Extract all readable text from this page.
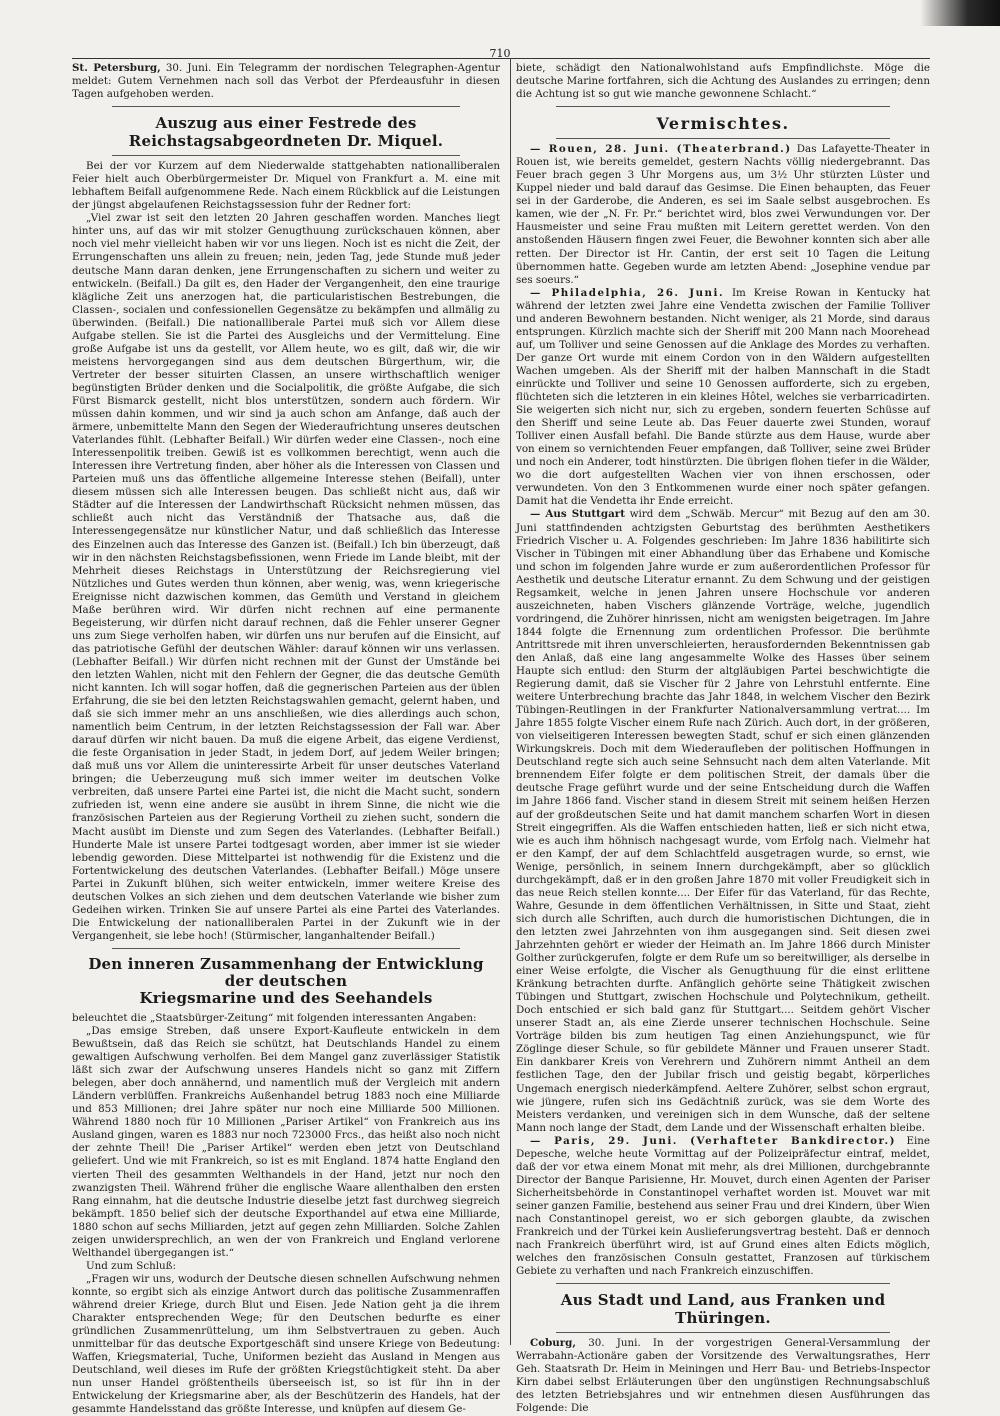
710

St. Petersburg, 30. Juni. Ein Telegramm der nordischen Telegraphen-Agentur meldet: Gutem Vernehmen nach soll das Verbot der Pferdeausfuhr in diesen Tagen aufgehoben werden.

Auszug aus einer Festrede des Reichstagsabgeordneten Dr. Miquel.

Bei der vor Kurzem auf dem Niederwalde stattgehabten nationalliberalen Feier hielt auch Oberbürgermeister Dr. Miquel von Frankfurt a. M. eine mit lebhaftem Beifall aufgenommene Rede. Nach einem Rückblick auf die Leistungen der jüngst abgelaufenen Reichstagssession fuhr der Redner fort:

„Viel zwar ist seit den letzten 20 Jahren geschaffen worden. Manches liegt hinter uns, auf das wir mit stolzer Genugthuung zurückschauen können, aber noch viel mehr vielleicht haben wir vor uns liegen. Noch ist es nicht die Zeit, der Errungenschaften uns allein zu freuen; nein, jeden Tag, jede Stunde muß jeder deutsche Mann daran denken, jene Errungenschaften zu sichern und weiter zu entwickeln. (Beifall.) Da gilt es, den Hader der Vergangenheit, den eine traurige klägliche Zeit uns anerzogen hat, die particularistischen Bestrebungen, die Classen-, socialen und confessionellen Gegensätze zu bekämpfen und allmälig zu überwinden. (Beifall.) Die nationalliberale Partei muß sich vor Allem diese Aufgabe stellen. Sie ist die Partei des Ausgleichs und der Vermittelung. Eine große Aufgabe ist uns da gestellt, vor Allem heute, wo es gilt, daß wir, die wir meistens hervorgegangen sind aus dem deutschen Bürgerthum, wir, die Vertreter der besser situirten Classen, an unsere wirthschaftlich weniger begünstigten Brüder denken und die Socialpolitik, die größte Aufgabe, die sich Fürst Bismarck gestellt, nicht blos unterstützen, sondern auch fördern. Wir müssen dahin kommen, und wir sind ja auch schon am Anfange, daß auch der ärmere, unbemittelte Mann den Segen der Wiederaufrichtung unseres deutschen Vaterlandes fühlt. (Lebhafter Beifall.) Wir dürfen weder eine Classen-, noch eine Interessenpolitik treiben. Gewiß ist es vollkommen berechtigt, wenn auch die Interessen ihre Vertretung finden, aber höher als die Interessen von Classen und Parteien muß uns das öffentliche allgemeine Interesse stehen (Beifall), unter diesem müssen sich alle Interessen beugen. Das schließt nicht aus, daß wir Städter auf die Interessen der Landwirthschaft Rücksicht nehmen müssen, das schließt auch nicht das Verständniß der Thatsache aus, daß die Interessengegensätze nur künstlicher Natur, und daß schließlich das Interesse des Einzelnen auch das Interesse des Ganzen ist. (Beifall.) Ich bin überzeugt, daß wir in den nächsten Reichstagsbefissionen, wenn Friede im Lande bleibt, mit der Mehrheit dieses Reichstags in Unterstützung der Reichsregierung viel Nützliches und Gutes werden thun können, aber wenig, was, wenn kriegerische Ereignisse nicht dazwischen kommen, das Gemüth und Verstand in gleichem Maße berühren wird. Wir dürfen nicht rechnen auf eine permanente Begeisterung, wir dürfen nicht darauf rechnen, daß die Fehler unserer Gegner uns zum Siege verholfen haben, wir dürfen uns nur berufen auf die Einsicht, auf das patriotische Gefühl der deutschen Wähler: darauf können wir uns verlassen. (Lebhafter Beifall.) Wir dürfen nicht rechnen mit der Gunst der Umstände bei den letzten Wahlen, nicht mit den Fehlern der Gegner, die das deutsche Gemüth nicht kannten. Ich will sogar hoffen, daß die gegnerischen Parteien aus der üblen Erfahrung, die sie bei den letzten Reichstagswahlen gemacht, gelernt haben, und daß sie sich immer mehr an uns anschließen, wie dies allerdings auch schon, namentlich beim Centrum, in der letzten Reichstagssession der Fall war. Aber darauf dürfen wir nicht bauen. Da muß die eigene Arbeit, das eigene Verdienst, die feste Organisation in jeder Stadt, in jedem Dorf, auf jedem Weiler bringen; daß muß uns vor Allem die uninteressirte Arbeit für unser deutsches Vaterland bringen; die Ueberzeugung muß sich immer weiter im deutschen Volke verbreiten, daß unsere Partei eine Partei ist, die nicht die Macht sucht, sondern zufrieden ist, wenn eine andere sie ausübt in ihrem Sinne, die nicht wie die französischen Parteien aus der Regierung Vortheil zu ziehen sucht, sondern die Macht ausübt im Dienste und zum Segen des Vaterlandes. (Lebhafter Beifall.) Hunderte Male ist unsere Partei todtgesagt worden, aber immer ist sie wieder lebendig geworden. Diese Mittelpartei ist nothwendig für die Existenz und die Fortentwickelung des deutschen Vaterlandes. (Lebhafter Beifall.) Möge unsere Partei in Zukunft blühen, sich weiter entwickeln, immer weitere Kreise des deutschen Volkes an sich ziehen und dem deutschen Vaterlande wie bisher zum Gedeihen wirken. Trinken Sie auf unsere Partei als eine Partei des Vaterlandes. Die Entwickelung der nationalliberalen Partei in der Zukunft wie in der Vergangenheit, sie lebe hoch! (Stürmischer, langanhaltender Beifall.)

Den inneren Zusammenhang der Entwicklung der deutschen
Kriegsmarine und des Seehandels

beleuchtet die „Staatsbürger-Zeitung“ mit folgenden interessanten Angaben:

„Das emsige Streben, daß unsere Export-Kaufleute entwickeln in dem Bewußtsein, daß das Reich sie schützt, hat Deutschlands Handel zu einem gewaltigen Aufschwung verholfen. Bei dem Mangel ganz zuverlässiger Statistik läßt sich zwar der Aufschwung unseres Handels nicht so ganz mit Ziffern belegen, aber doch annähernd, und namentlich muß der Vergleich mit andern Ländern verblüffen. Frankreichs Außenhandel betrug 1883 noch eine Milliarde und 853 Millionen; drei Jahre später nur noch eine Milliarde 500 Millionen. Während 1880 noch für 10 Millionen „Pariser Artikel“ von Frankreich aus ins Ausland gingen, waren es 1883 nur noch 723000 Frcs., das heißt also noch nicht der zehnte Theil! Die „Pariser Artikel“ werden eben jetzt von Deutschland geliefert. Und wie mit Frankreich, so ist es mit England. 1874 hatte England den vierten Theil des gesammten Welthandels in der Hand, jetzt nur noch den zwanzigsten Theil. Während früher die englische Waare allenthalben den ersten Rang einnahm, hat die deutsche Industrie dieselbe jetzt fast durchweg siegreich bekämpft. 1850 belief sich der deutsche Exporthandel auf etwa eine Milliarde, 1880 schon auf sechs Milliarden, jetzt auf gegen zehn Milliarden. Solche Zahlen zeigen unwidersprechlich, an wen der von Frankreich und England verlorene Welthandel übergegangen ist.“

Und zum Schluß:

„Fragen wir uns, wodurch der Deutsche diesen schnellen Aufschwung nehmen konnte, so ergibt sich als einzige Antwort durch das politische Zusammenraffen während dreier Kriege, durch Blut und Eisen. Jede Nation geht ja die ihrem Charakter entsprechenden Wege; für den Deutschen bedurfte es einer gründlichen Zusammenrüttelung, um ihm Selbstvertrauen zu geben. Auch unmittelbar für das deutsche Exportgeschäft sind unsere Kriege von Bedeutung: Waffen, Kriegsmaterial, Tuche, Uniformen bezieht das Ausland in Mengen aus Deutschland, weil dieses im Rufe der größten Kriegstüchtigkeit steht. Da aber nun unser Handel größtentheils überseeisch ist, so ist für ihn in der Entwickelung der Kriegsmarine aber, als der Beschützerin des Handels, hat der gesammte Handelsstand das größte Interesse, und knüpfen auf diesem Ge-

biete, schädigt den Nationalwohlstand aufs Empfindlichste. Möge die deutsche Marine fortfahren, sich die Achtung des Auslandes zu erringen; denn die Achtung ist so gut wie manche gewonnene Schlacht.“

Vermischtes.

— Rouen, 28. Juni. (Theaterbrand.) Das Lafayette-Theater in Rouen ist, wie bereits gemeldet, gestern Nachts völlig niedergebrannt. Das Feuer brach gegen 3 Uhr Morgens aus, um 3½ Uhr stürzten Lüster und Kuppel nieder und bald darauf das Gesimse. Die Einen behaupten, das Feuer sei in der Garderobe, die Anderen, es sei im Saale selbst ausgebrochen. Es kamen, wie der „N. Fr. Pr.“ berichtet wird, blos zwei Verwundungen vor. Der Hausmeister und seine Frau mußten mit Leitern gerettet werden. Von den anstoßenden Häusern fingen zwei Feuer, die Bewohner konnten sich aber alle retten. Der Director ist Hr. Cantin, der erst seit 10 Tagen die Leitung übernommen hatte. Gegeben wurde am letzten Abend: „Josephine vendue par ses soeurs.“

— Philadelphia, 26. Juni. Im Kreise Rowan in Kentucky hat während der letzten zwei Jahre eine Vendetta zwischen der Familie Tolliver und anderen Bewohnern bestanden. Nicht weniger, als 21 Morde, sind daraus entsprungen. Kürzlich machte sich der Sheriff mit 200 Mann nach Moorehead auf, um Tolliver und seine Genossen auf die Anklage des Mordes zu verhaften. Der ganze Ort wurde mit einem Cordon von in den Wäldern aufgestellten Wachen umgeben. Als der Sheriff mit der halben Mannschaft in die Stadt einrückte und Tolliver und seine 10 Genossen aufforderte, sich zu ergeben, flüchteten sich die letzteren in ein kleines Hôtel, welches sie verbarricadirten. Sie weigerten sich nicht nur, sich zu ergeben, sondern feuerten Schüsse auf den Sheriff und seine Leute ab. Das Feuer dauerte zwei Stunden, worauf Tolliver einen Ausfall befahl. Die Bande stürzte aus dem Hause, wurde aber von einem so vernichtenden Feuer empfangen, daß Tolliver, seine zwei Brüder und noch ein Anderer, todt hinstürzten. Die übrigen flohen tiefer in die Wälder, wo die dort aufgestellten Wachen vier von ihnen erschossen, oder verwundeten. Von den 3 Entkommenen wurde einer noch später gefangen. Damit hat die Vendetta ihr Ende erreicht.

— Aus Stuttgart wird dem „Schwäb. Mercur“ mit Bezug auf den am 30. Juni stattfindenden achtzigsten Geburtstag des berühmten Aesthetikers Friedrich Vischer u. A. Folgendes geschrieben: Im Jahre 1836 habilitirte sich Vischer in Tübingen mit einer Abhandlung über das Erhabene und Komische und schon im folgenden Jahre wurde er zum außerordentlichen Professor für Aesthetik und deutsche Literatur ernannt. Zu dem Schwung und der geistigen Regsamkeit, welche in jenen Jahren unsere Hochschule vor anderen auszeichneten, haben Vischers glänzende Vorträge, welche, jugendlich vordringend, die Zuhörer hinrissen, nicht am wenigsten beigetragen. Im Jahre 1844 folgte die Ernennung zum ordentlichen Professor. Die berühmte Antrittsrede mit ihren unverschleierten, herausfordernden Bekenntnissen gab den Anlaß, daß eine lang angesammelte Wolke des Hasses über seinem Haupte sich entlud: den Sturm der altgläubigen Partei beschwichtigte die Regierung damit, daß sie Vischer für 2 Jahre von Lehrstuhl entfernte. Eine weitere Unterbrechung brachte das Jahr 1848, in welchem Vischer den Bezirk Tübingen-Reutlingen in der Frankfurter Nationalversammlung vertrat.... Im Jahre 1855 folgte Vischer einem Rufe nach Zürich. Auch dort, in der größeren, von vielseitigeren Interessen bewegten Stadt, schuf er sich einen glänzenden Wirkungskreis. Doch mit dem Wiederaufleben der politischen Hoffnungen in Deutschland regte sich auch seine Sehnsucht nach dem alten Vaterlande. Mit brennendem Eifer folgte er dem politischen Streit, der damals über die deutsche Frage geführt wurde und der seine Entscheidung durch die Waffen im Jahre 1866 fand. Vischer stand in diesem Streit mit seinem heißen Herzen auf der großdeutschen Seite und hat damit manchem scharfen Wort in diesen Streit eingegriffen. Als die Waffen entschieden hatten, ließ er sich nicht etwa, wie es auch ihm höhnisch nachgesagt wurde, vom Erfolg nach. Vielmehr hat er den Kampf, der auf dem Schlachtfeld ausgetragen wurde, so ernst, wie Wenige, persönlich, in seinem Innern durchgekämpft, aber so glücklich durchgekämpft, daß er in den großen Jahre 1870 mit voller Freudigkeit sich in das neue Reich stellen konnte.... Der Eifer für das Vaterland, für das Rechte, Wahre, Gesunde in dem öffentlichen Verhältnissen, in Sitte und Staat, zieht sich durch alle Schriften, auch durch die humoristischen Dichtungen, die in den letzten zwei Jahrzehnten von ihm ausgegangen sind. Seit diesen zwei Jahrzehnten gehört er wieder der Heimath an. Im Jahre 1866 durch Minister Golther zurückgerufen, folgte er dem Rufe um so bereitwilliger, als derselbe in einer Weise erfolgte, die Vischer als Genugthuung für die einst erlittene Kränkung betrachten durfte. Anfänglich gehörte seine Thätigkeit zwischen Tübingen und Stuttgart, zwischen Hochschule und Polytechnikum, getheilt. Doch entschied er sich bald ganz für Stuttgart.... Seitdem gehört Vischer unserer Stadt an, als eine Zierde unserer technischen Hochschule. Seine Vorträge bilden bis zum heutigen Tag einen Anziehungspunct, wie für Zöglinge dieser Schule, so für gebildete Männer und Frauen unserer Stadt. Ein dankbarer Kreis von Verehrern und Zuhörern nimmt Antheil an dem festlichen Tage, den der Jubilar frisch und geistig begabt, körperliches Ungemach energisch niederkämpfend. Aeltere Zuhörer, selbst schon ergraut, wie jüngere, rufen sich ins Gedächtniß zurück, was sie dem Worte des Meisters verdanken, und vereinigen sich in dem Wunsche, daß der seltene Mann noch lange der Stadt, dem Lande und der Wissenschaft erhalten bleibe.

— Paris, 29. Juni. (Verhafteter Bankdirector.) Eine Depesche, welche heute Vormittag auf der Polizeipräfectur eintraf, meldet, daß der vor etwa einem Monat mit mehr, als drei Millionen, durchgebrannte Director der Banque Parisienne, Hr. Mouvet, durch einen Agenten der Pariser Sicherheitsbehörde in Constantinopel verhaftet worden ist. Mouvet war mit seiner ganzen Familie, bestehend aus seiner Frau und drei Kindern, über Wien nach Constantinopel gereist, wo er sich geborgen glaubte, da zwischen Frankreich und der Türkei kein Auslieferungsvertrag besteht. Daß er dennoch nach Frankreich überführt wird, ist auf Grund eines alten Edicts möglich, welches den französischen Consuln gestattet, Franzosen auf türkischem Gebiete zu verhaften und nach Frankreich einzuschiffen.

Aus Stadt und Land, aus Franken und Thüringen.

Coburg, 30. Juni. In der vorgestrigen General-Versammlung der Werrabahn-Actionäre gaben der Vorsitzende des Verwaltungsrathes, Herr Geh. Staatsrath Dr. Heim in Meiningen und Herr Bau- und Betriebs-Inspector Kirn dabei selbst Erläuterungen über den ungünstigen Rechnungsabschluß des letzten Betriebsjahres und wir entnehmen diesen Ausführungen das Folgende: Die
